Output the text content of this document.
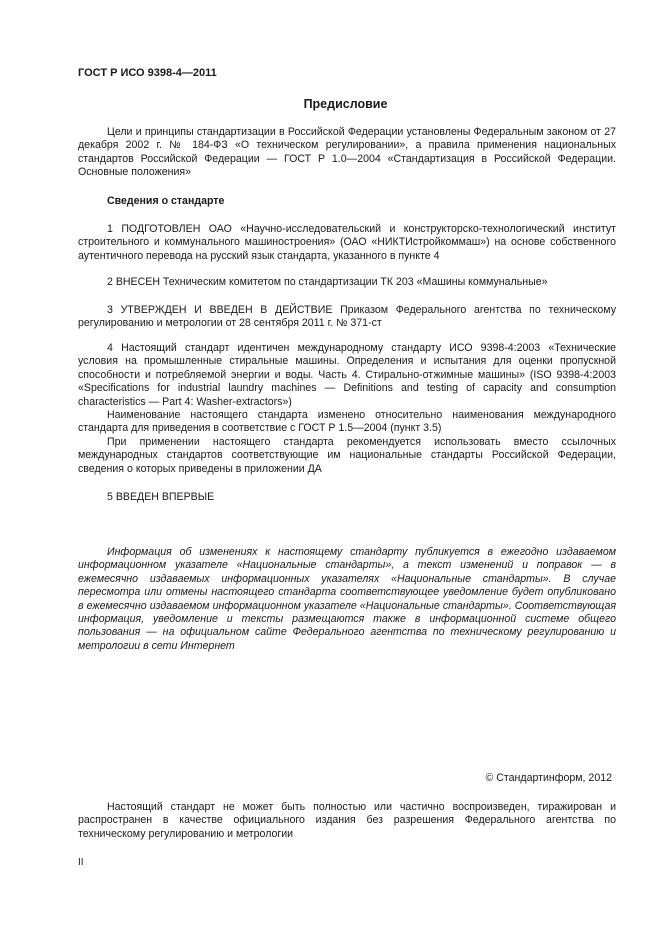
ГОСТ Р ИСО 9398-4—2011
Предисловие
Цели и принципы стандартизации в Российской Федерации установлены Федеральным законом от 27 декабря 2002 г. № 184-ФЗ «О техническом регулировании», а правила применения национальных стандартов Российской Федерации — ГОСТ Р 1.0—2004 «Стандартизация в Российской Федерации. Основные положения»
Сведения о стандарте
1 ПОДГОТОВЛЕН ОАО «Научно-исследовательский и конструкторско-технологический институт строительного и коммунального машиностроения» (ОАО «НИКТИстройкоммаш») на основе собственного аутентичного перевода на русский язык стандарта, указанного в пункте 4
2 ВНЕСЕН Техническим комитетом по стандартизации ТК 203 «Машины коммунальные»
3 УТВЕРЖДЕН И ВВЕДЕН В ДЕЙСТВИЕ Приказом Федерального агентства по техническому регулированию и метрологии от 28 сентября 2011 г. № 371-ст
4 Настоящий стандарт идентичен международному стандарту ИСО 9398-4:2003 «Технические условия на промышленные стиральные машины. Определения и испытания для оценки пропускной способности и потребляемой энергии и воды. Часть 4. Стирально-отжимные машины» (ISO 9398-4:2003 «Specifications for industrial laundry machines — Definitions and testing of capacity and consumption characteristics — Part 4: Washer-extractors»)
Наименование настоящего стандарта изменено относительно наименования международного стандарта для приведения в соответствие с ГОСТ Р 1.5—2004 (пункт 3.5)
При применении настоящего стандарта рекомендуется использовать вместо ссылочных международных стандартов соответствующие им национальные стандарты Российской Федерации, сведения о которых приведены в приложении ДА
5 ВВЕДЕН ВПЕРВЫЕ
Информация об изменениях к настоящему стандарту публикуется в ежегодно издаваемом информационном указателе «Национальные стандарты», а текст изменений и поправок — в ежемесячно издаваемых информационных указателях «Национальные стандарты». В случае пересмотра или отмены настоящего стандарта соответствующее уведомление будет опубликовано в ежемесячно издаваемом информационном указателе «Национальные стандарты». Соответствующая информация, уведомление и тексты размещаются также в информационной системе общего пользования — на официальном сайте Федерального агентства по техническому регулированию и метрологии в сети Интернет
© Стандартинформ, 2012
Настоящий стандарт не может быть полностью или частично воспроизведен, тиражирован и распространен в качестве официального издания без разрешения Федерального агентства по техническому регулированию и метрологии
II
